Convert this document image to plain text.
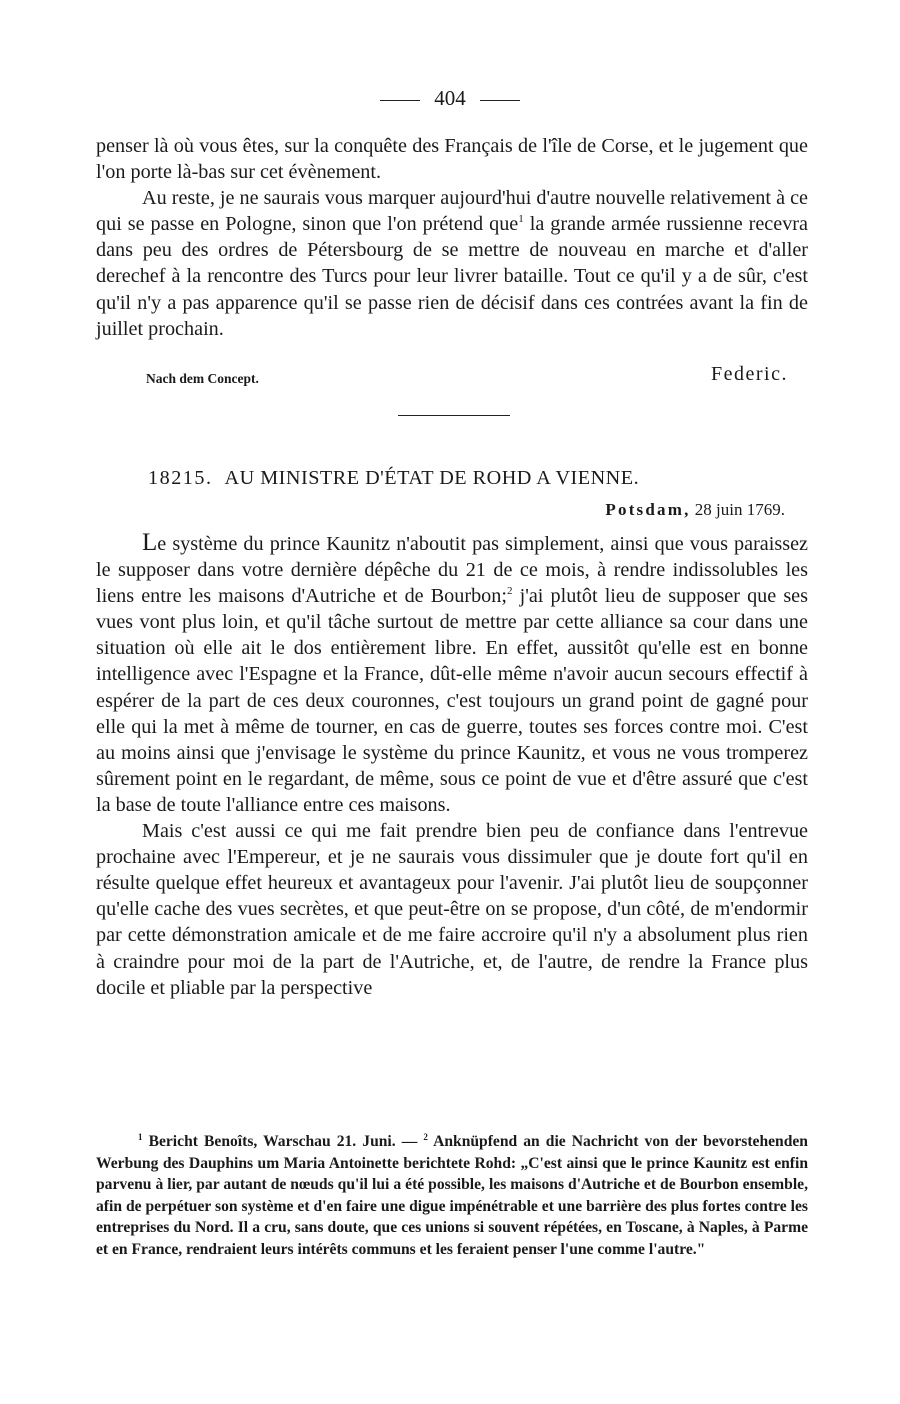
404

penser là où vous êtes, sur la conquête des Français de l'île de Corse, et le jugement que l'on porte là-bas sur cet évènement.

Au reste, je ne saurais vous marquer aujourd'hui d'autre nouvelle relativement à ce qui se passe en Pologne, sinon que l'on prétend que$^1$ la grande armée russienne recevra dans peu des ordres de Pétersbourg de se mettre de nouveau en marche et d'aller derechef à la rencontre des Turcs pour leur livrer bataille. Tout ce qu'il y a de sûr, c'est qu'il n'y a pas apparence qu'il se passe rien de décisif dans ces contrées avant la fin de juillet prochain.

Nach dem Concept.	Federic.
18215. AU MINISTRE D'ÉTAT DE ROHD A VIENNE.
Potsdam, 28 juin 1769.

Le système du prince Kaunitz n'aboutit pas simplement, ainsi que vous paraissez le supposer dans votre dernière dépêche du 21 de ce mois, à rendre indissolubles les liens entre les maisons d'Autriche et de Bourbon;$^2$ j'ai plutôt lieu de supposer que ses vues vont plus loin, et qu'il tâche surtout de mettre par cette alliance sa cour dans une situation où elle ait le dos entièrement libre. En effet, aussitôt qu'elle est en bonne intelligence avec l'Espagne et la France, dût-elle même n'avoir aucun secours effectif à espérer de la part de ces deux couronnes, c'est toujours un grand point de gagné pour elle qui la met à même de tourner, en cas de guerre, toutes ses forces contre moi. C'est au moins ainsi que j'envisage le système du prince Kaunitz, et vous ne vous tromperez sûrement point en le regardant, de même, sous ce point de vue et d'être assuré que c'est la base de toute l'alliance entre ces maisons.

Mais c'est aussi ce qui me fait prendre bien peu de confiance dans l'entrevue prochaine avec l'Empereur, et je ne saurais vous dissimuler que je doute fort qu'il en résulte quelque effet heureux et avantageux pour l'avenir. J'ai plutôt lieu de soupçonner qu'elle cache des vues secrètes, et que peut-être on se propose, d'un côté, de m'endormir par cette démonstration amicale et de me faire accroire qu'il n'y a absolument plus rien à craindre pour moi de la part de l'Autriche, et, de l'autre, de rendre la France plus docile et pliable par la perspective

$^1$ Bericht Benoîts, Warschau 21. Juni. — $^2$ Anknüpfend an die Nachricht von der bevorstehenden Werbung des Dauphins um Maria Antoinette berichtete Rohd: „C'est ainsi que le prince Kaunitz est enfin parvenu à lier, par autant de nœuds qu'il lui a été possible, les maisons d'Autriche et de Bourbon ensemble, afin de perpétuer son système et d'en faire une digue impénétrable et une barrière des plus fortes contre les entreprises du Nord. Il a cru, sans doute, que ces unions si souvent répétées, en Toscane, à Naples, à Parme et en France, rendraient leurs intérêts communs et les feraient penser l'une comme l'autre."
